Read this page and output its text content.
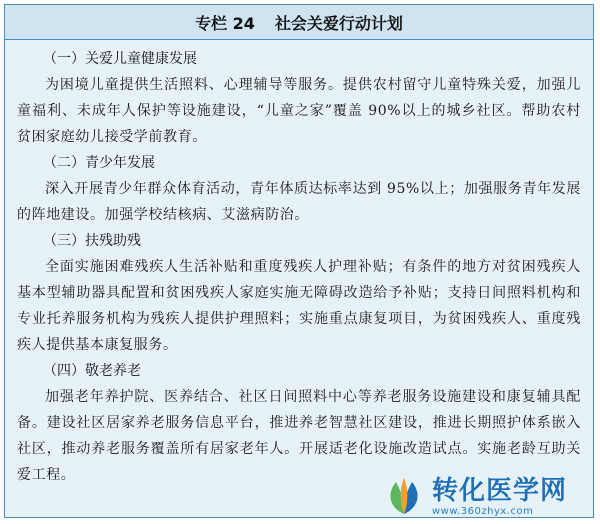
专栏 24 社会关爱行动计划
（一）关爱儿童健康发展
为困境儿童提供生活照料、心理辅导等服务。提供农村留守儿童特殊关爱，加强儿童福利、未成年人保护等设施建设，“儿童之家”覆盖 90%以上的城乡社区。帮助农村贫困家庭幼儿接受学前教育。
（二）青少年发展
深入开展青少年群众体育活动，青年体质达标率达到 95%以上；加强服务青年发展的阵地建设。加强学校结核病、艾滋病防治。
（三）扶残助残
全面实施困难残疾人生活补贴和重度残疾人护理补贴；有条件的地方对贫困残疾人基本型辅助器具配置和贫困残疾人家庭实施无障碍改造给予补贴；支持日间照料机构和专业托养服务机构为残疾人提供护理照料；实施重点康复项目，为贫困残疾人、重度残疾人提供基本康复服务。
（四）敬老养老
加强老年养护院、医养结合、社区日间照料中心等养老服务设施建设和康复辅具配备。建设社区居家养老服务信息平台，推进养老智慧社区建设，推进长期照护体系嵌入社区，推动养老服务覆盖所有居家老年人。开展适老化设施改造试点。实施老龄互助关爱工程。
转化医学网
www.360zhyx.com
